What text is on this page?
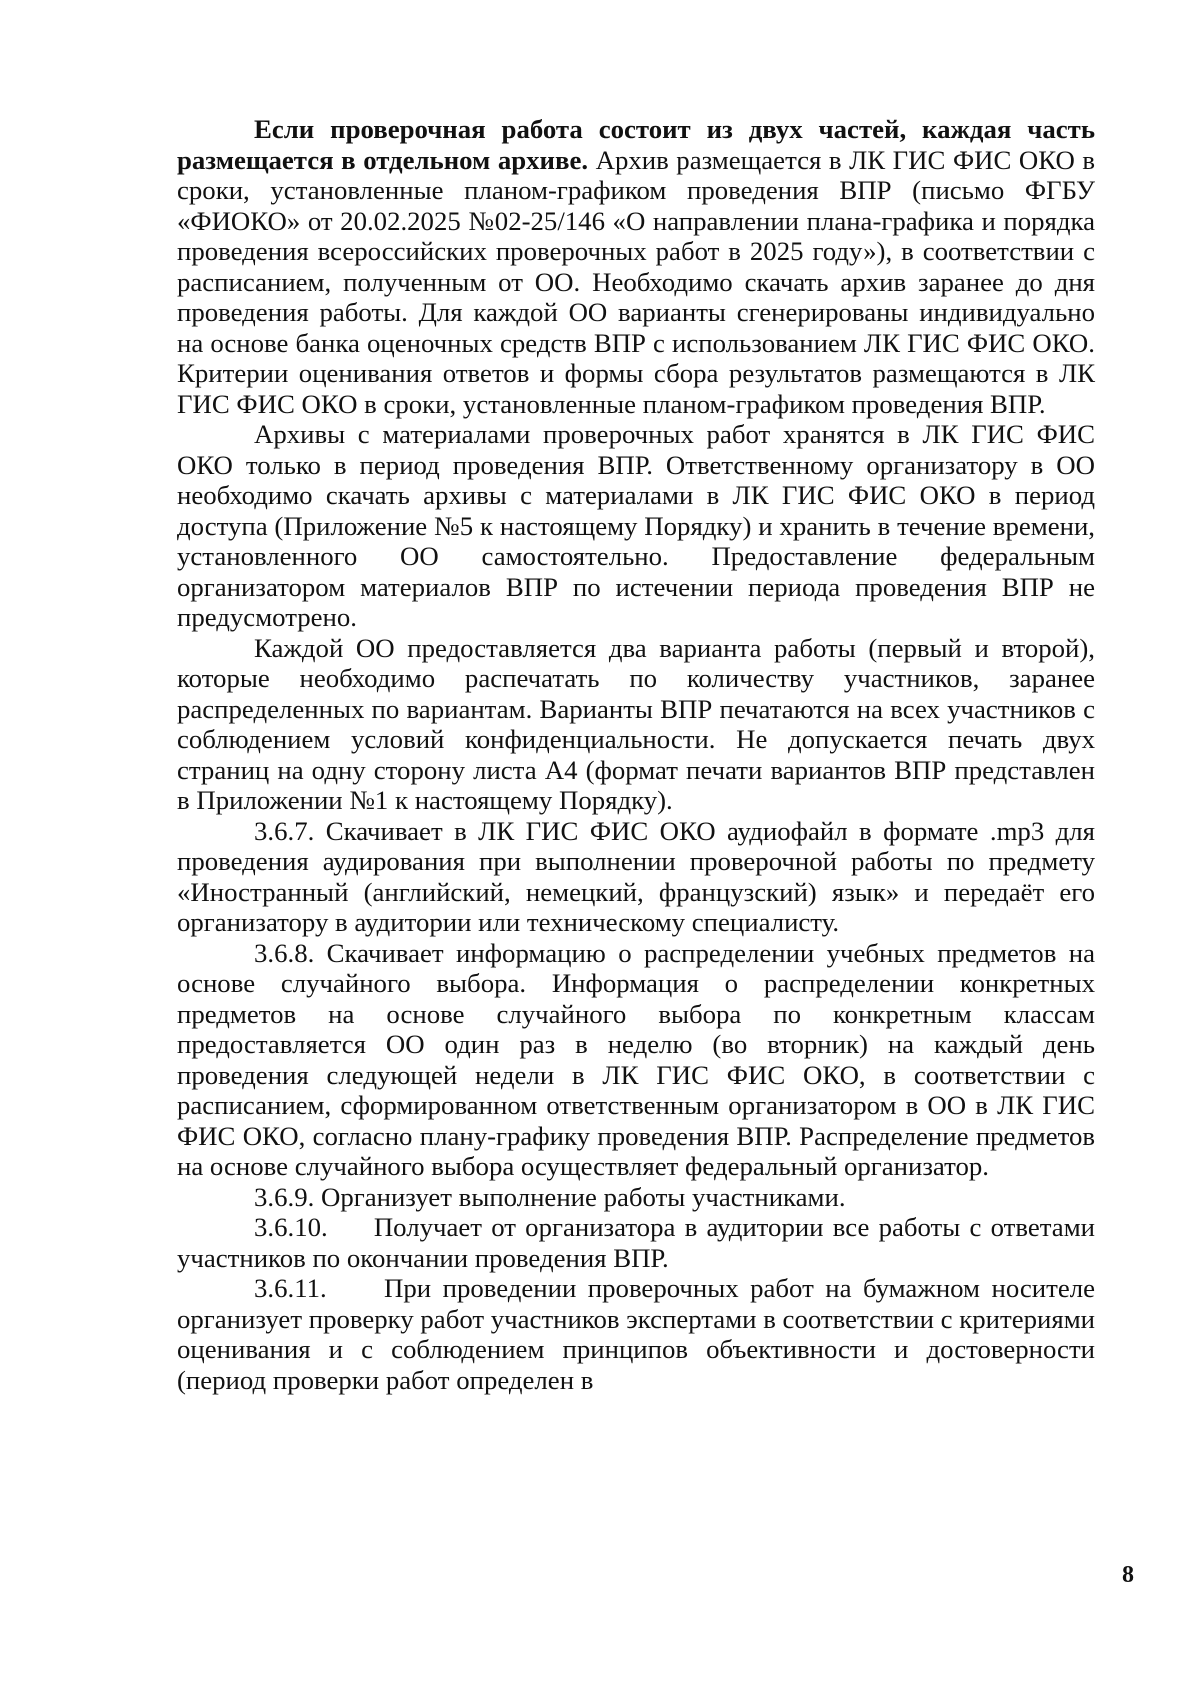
Если проверочная работа состоит из двух частей, каждая часть размещается в отдельном архиве. Архив размещается в ЛК ГИС ФИС ОКО в сроки, установленные планом-графиком проведения ВПР (письмо ФГБУ «ФИОКО» от 20.02.2025 №02-25/146 «О направлении плана-графика и порядка проведения всероссийских проверочных работ в 2025 году»), в соответствии с расписанием, полученным от ОО. Необходимо скачать архив заранее до дня проведения работы. Для каждой ОО варианты сгенерированы индивидуально на основе банка оценочных средств ВПР с использованием ЛК ГИС ФИС ОКО. Критерии оценивания ответов и формы сбора результатов размещаются в ЛК ГИС ФИС ОКО в сроки, установленные планом-графиком проведения ВПР.

Архивы с материалами проверочных работ хранятся в ЛК ГИС ФИС ОКО только в период проведения ВПР. Ответственному организатору в ОО необходимо скачать архивы с материалами в ЛК ГИС ФИС ОКО в период доступа (Приложение №5 к настоящему Порядку) и хранить в течение времени, установленного ОО самостоятельно. Предоставление федеральным организатором материалов ВПР по истечении периода проведения ВПР не предусмотрено.

Каждой ОО предоставляется два варианта работы (первый и второй), которые необходимо распечатать по количеству участников, заранее распределенных по вариантам. Варианты ВПР печатаются на всех участников с соблюдением условий конфиденциальности. Не допускается печать двух страниц на одну сторону листа А4 (формат печати вариантов ВПР представлен в Приложении №1 к настоящему Порядку).

3.6.7. Скачивает в ЛК ГИС ФИС ОКО аудиофайл в формате .mp3 для проведения аудирования при выполнении проверочной работы по предмету «Иностранный (английский, немецкий, французский) язык» и передаёт его организатору в аудитории или техническому специалисту.

3.6.8. Скачивает информацию о распределении учебных предметов на основе случайного выбора. Информация о распределении конкретных предметов на основе случайного выбора по конкретным классам предоставляется ОО один раз в неделю (во вторник) на каждый день проведения следующей недели в ЛК ГИС ФИС ОКО, в соответствии с расписанием, сформированном ответственным организатором в ОО в ЛК ГИС ФИС ОКО, согласно плану-графику проведения ВПР. Распределение предметов на основе случайного выбора осуществляет федеральный организатор.

3.6.9. Организует выполнение работы участниками.

3.6.10.     Получает от организатора в аудитории все работы с ответами участников по окончании проведения ВПР.

3.6.11.     При проведении проверочных работ на бумажном носителе организует проверку работ участников экспертами в соответствии с критериями оценивания и с соблюдением принципов объективности и достоверности (период проверки работ определен в

8
